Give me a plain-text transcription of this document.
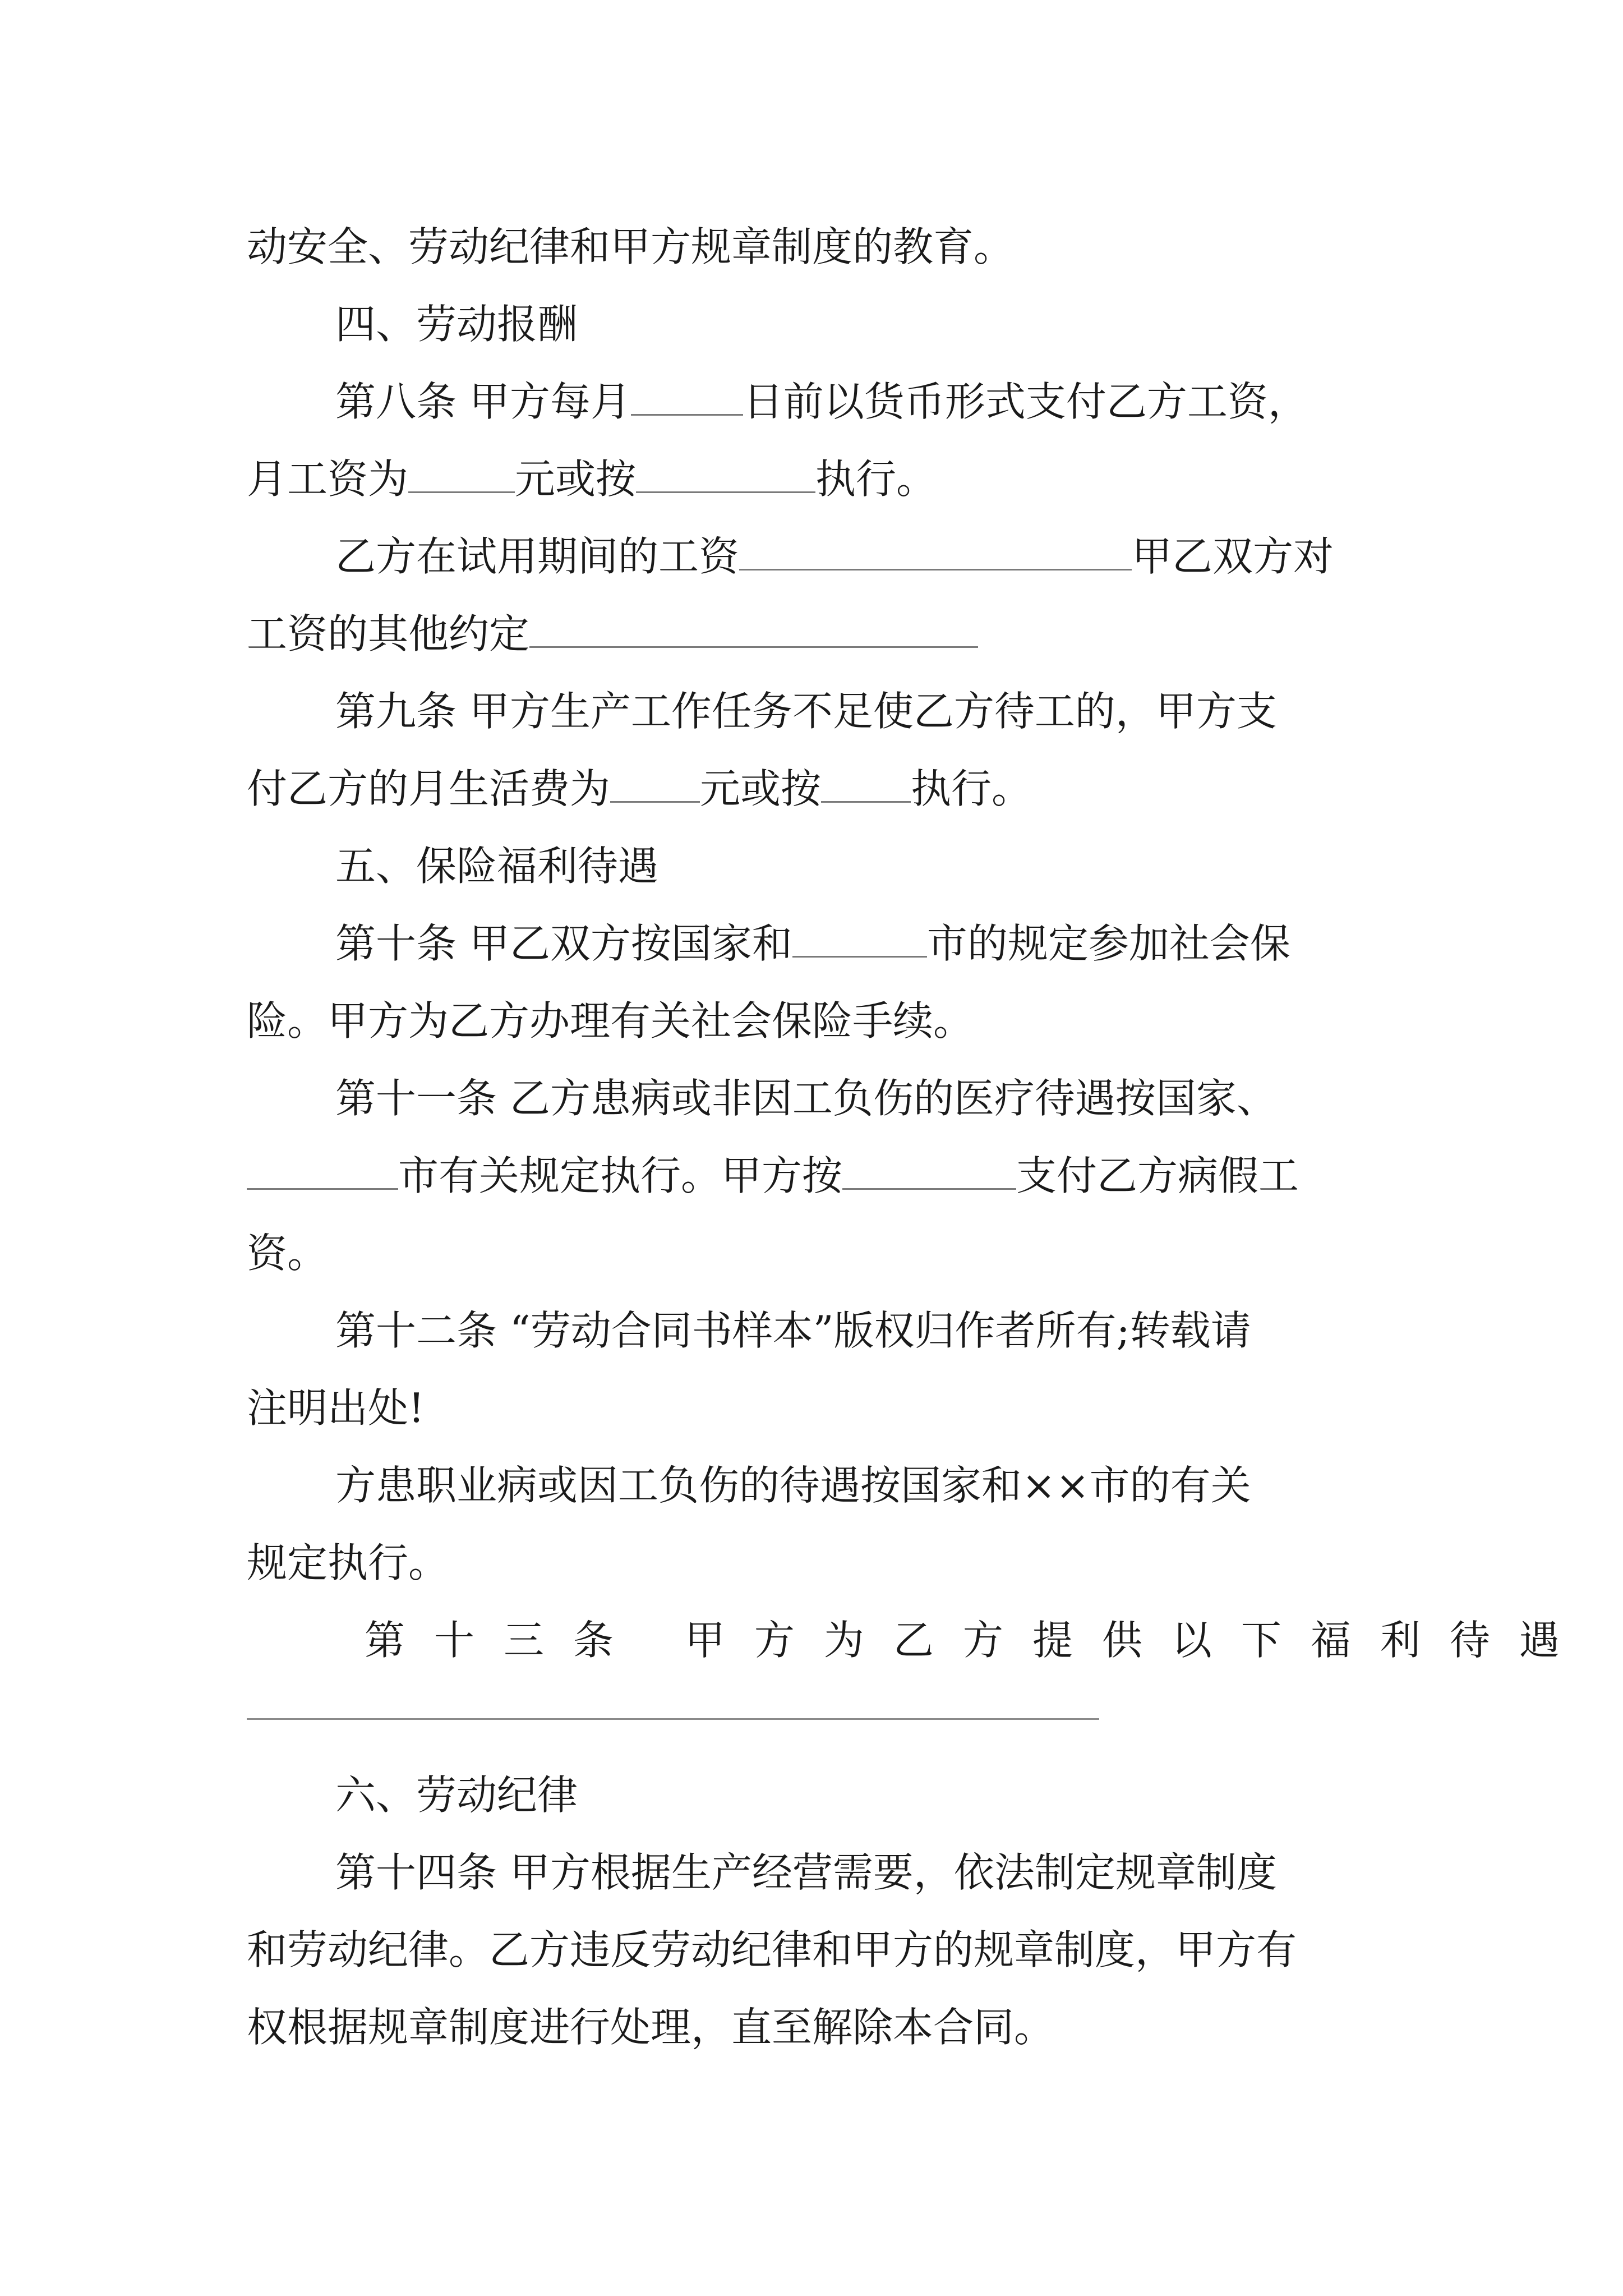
动安全、劳动纪律和甲方规章制度的教育。
四、劳动报酬
第八条 甲方每月	日前以货币形式支付乙方工资，
月工资为	元或按	执行。
乙方在试用期间的工资	甲乙双方对
工资的其他约定
第九条 甲方生产工作任务不足使乙方待工的，甲方支
付乙方的月生活费为 元或按 执行。
五、保险福利待遇
第十条 甲乙双方按国家和	市的规定参加社会保
险。甲方为乙方办理有关社会保险手续。
第十一条 乙方患病或非因工负伤的医疗待遇按国家、
市有关规定执行。甲方按	支付乙方病假工
资。
第十二条 “劳动合同书样本”版权归作者所有;转载请
注明出处!
方患职业病或因工负伤的待遇按国家和××市的有关
规定执行。
第十三条 甲方为乙方提供以下福利待遇
六、劳动纪律
第十四条 甲方根据生产经营需要，依法制定规章制度
和劳动纪律。乙方违反劳动纪律和甲方的规章制度，甲方有
权根据规章制度进行处理，直至解除本合同。
